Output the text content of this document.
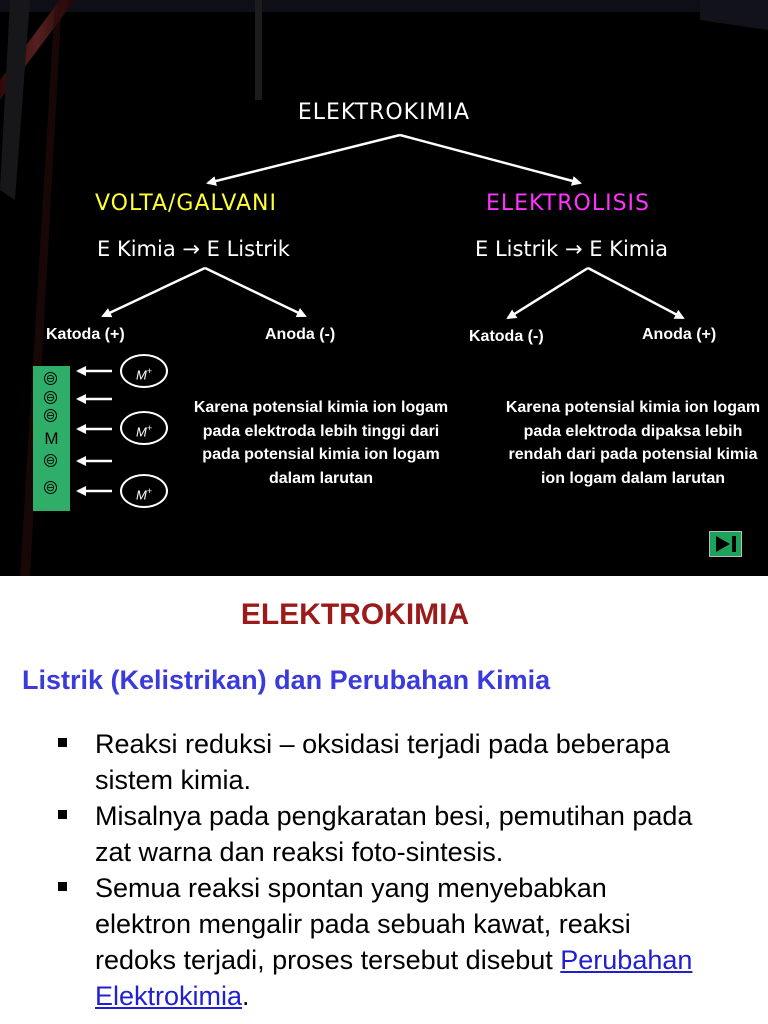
ELEKTROKIMIA
VOLTA/GALVANI	ELEKTROLISIS
E Kimia → E Listrik	E Listrik → E Kimia
Katoda (+)	Anoda (-)	Katoda (-)	Anoda (+)
⊖
⊖
⊖
M
⊖
⊖
M+
M+
M+
Karena potensial kimia ion logam pada elektroda lebih tinggi dari pada potensial kimia ion logam dalam larutan
Karena potensial kimia ion logam pada elektroda dipaksa lebih rendah dari pada potensial kimia ion logam dalam larutan
ELEKTROKIMIA
Listrik (Kelistrikan) dan Perubahan Kimia
Reaksi reduksi – oksidasi terjadi pada beberapa sistem kimia.
Misalnya pada pengkaratan besi, pemutihan pada zat warna dan reaksi foto-sintesis.
Semua reaksi spontan yang menyebabkan elektron mengalir pada sebuah kawat, reaksi redoks terjadi, proses tersebut disebut Perubahan Elektrokimia.
